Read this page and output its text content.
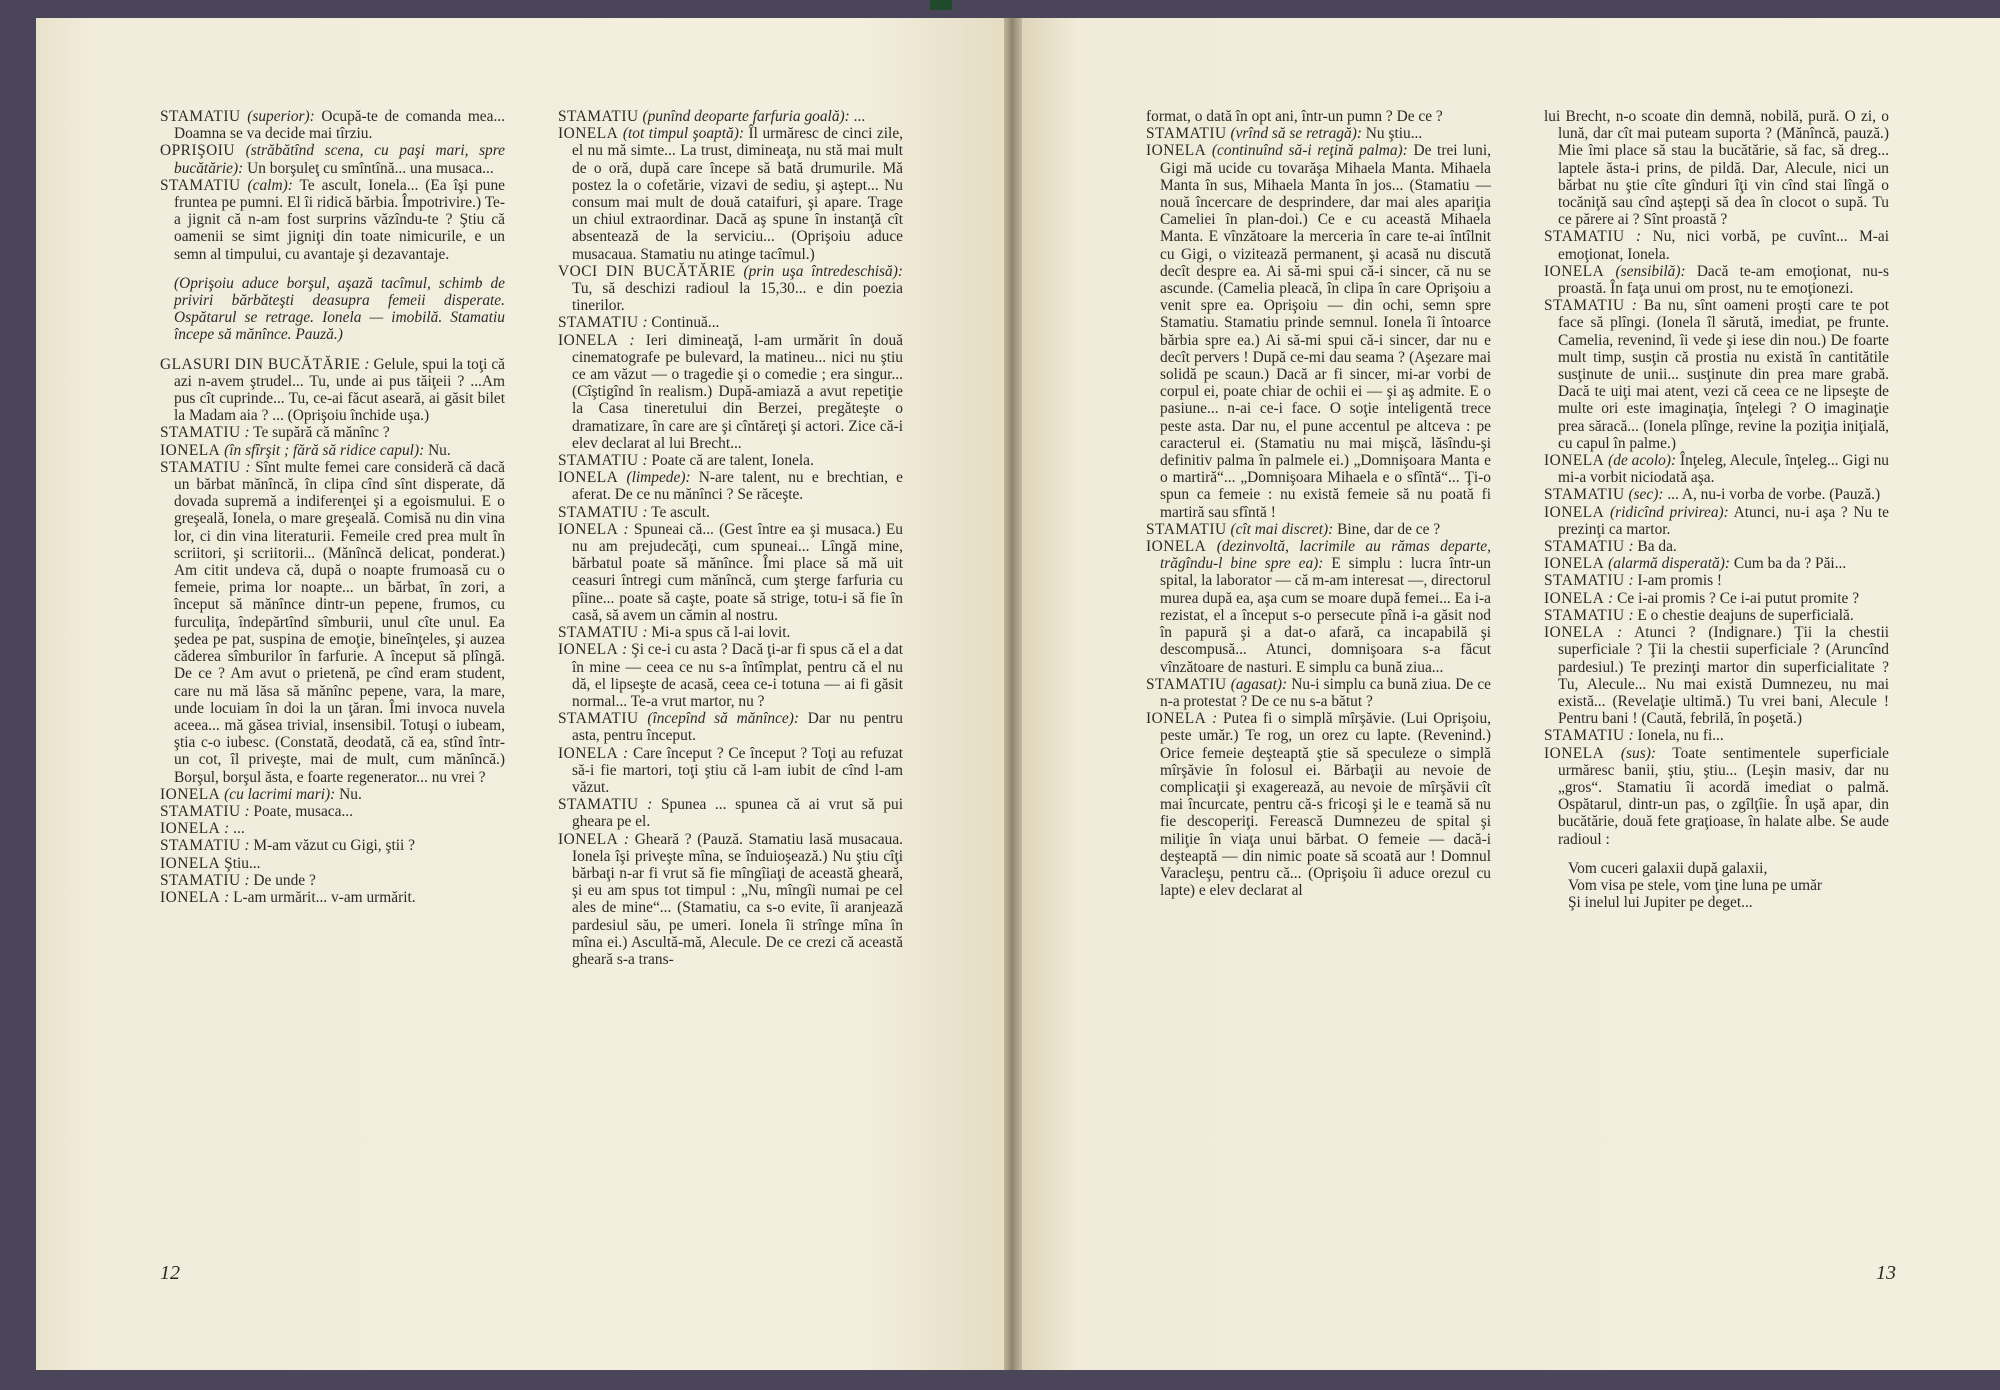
STAMATIU (superior): Ocupă-te de comanda mea... Doamna se va decide mai tîrziu.

OPRIŞOIU (străbătînd scena, cu paşi mari, spre bucătărie): Un borşuleţ cu smîntînă... una musaca...

STAMATIU (calm): Te ascult, Ionela... (Ea îşi pune fruntea pe pumni. El îi ridică bărbia. Împotrivire.) Te-a jignit că n-am fost surprins văzîndu-te ? Ştiu că oamenii se simt jigniţi din toate nimicurile, e un semn al timpului, cu avantaje şi dezavantaje.

(Oprişoiu aduce borşul, aşază tacîmul, schimb de priviri bărbăteşti deasupra femeii disperate. Ospătarul se retrage. Ionela — imobilă. Stamatiu începe să mănînce. Pauză.)

GLASURI DIN BUCĂTĂRIE : Gelule, spui la toţi că azi n-avem ştrudel... Tu, unde ai pus tăiţeii ? ...Am pus cît cuprinde... Tu, ce-ai făcut aseară, ai găsit bilet la Madam aia ? ... (Oprişoiu închide uşa.)

STAMATIU : Te supără că mănînc ?

IONELA (în sfîrşit ; fără să ridice capul): Nu.

STAMATIU : Sînt multe femei care consideră că dacă un bărbat mănîncă, în clipa cînd sînt disperate, dă dovada supremă a indiferenţei şi a egoismului. E o greşeală, Ionela, o mare greşeală. Comisă nu din vina lor, ci din vina literaturii. Femeile cred prea mult în scriitori, şi scriitorii... (Mănîncă delicat, ponderat.) Am citit undeva că, după o noapte frumoasă cu o femeie, prima lor noapte... un bărbat, în zori, a început să mănînce dintr-un pepene, frumos, cu furculiţa, îndepărtînd sîmburii, unul cîte unul. Ea şedea pe pat, suspina de emoţie, bineînţeles, şi auzea căderea sîmburilor în farfurie. A început să plîngă. De ce ? Am avut o prietenă, pe cînd eram student, care nu mă lăsa să mănînc pepene, vara, la mare, unde locuiam în doi la un ţăran. Îmi invoca nuvela aceea... mă găsea trivial, insensibil. Totuşi o iubeam, ştia c-o iubesc. (Constată, deodată, că ea, stînd într-un cot, îl priveşte, mai de mult, cum mănîncă.) Borşul, borşul ăsta, e foarte regenerator... nu vrei ?

IONELA (cu lacrimi mari): Nu.

STAMATIU : Poate, musaca...

IONELA : ...

STAMATIU : M-am văzut cu Gigi, ştii ?

IONELA Ştiu...

STAMATIU : De unde ?

IONELA : L-am urmărit... v-am urmărit.

STAMATIU (punînd deoparte farfuria goală): ...

IONELA (tot timpul şoaptă): Îl urmăresc de cinci zile, el nu mă simte... La trust, dimineaţa, nu stă mai mult de o oră, după care începe să bată drumurile. Mă postez la o cofetărie, vizavi de sediu, şi aştept... Nu consum mai mult de două cataifuri, şi apare. Trage un chiul extraordinar. Dacă aş spune în instanţă cît absentează de la serviciu... (Oprişoiu aduce musacaua. Stamatiu nu atinge tacîmul.)

VOCI DIN BUCĂTĂRIE (prin uşa întredeschisă): Tu, să deschizi radioul la 15,30... e din poezia tinerilor.

STAMATIU : Continuă...

IONELA : Ieri dimineaţă, l-am urmărit în două cinematografe pe bulevard, la matineu... nici nu ştiu ce am văzut — o tragedie şi o comedie ; era singur... (Cîştigînd în realism.) După-amiază a avut repetiţie la Casa tineretului din Berzei, pregăteşte o dramatizare, în care are şi cîntăreţi şi actori. Zice că-i elev declarat al lui Brecht...

STAMATIU : Poate că are talent, Ionela.

IONELA (limpede): N-are talent, nu e brechtian, e aferat. De ce nu mănînci ? Se răceşte.

STAMATIU : Te ascult.

IONELA : Spuneai că... (Gest între ea şi musaca.) Eu nu am prejudecăţi, cum spuneai... Lîngă mine, bărbatul poate să mănînce. Îmi place să mă uit ceasuri întregi cum mănîncă, cum şterge farfuria cu pîine... poate să caşte, poate să strige, totu-i să fie în casă, să avem un cămin al nostru.

STAMATIU : Mi-a spus că l-ai lovit.

IONELA : Şi ce-i cu asta ? Dacă ţi-ar fi spus că el a dat în mine — ceea ce nu s-a întîmplat, pentru că el nu dă, el lipseşte de acasă, ceea ce-i totuna — ai fi găsit normal... Te-a vrut martor, nu ?

STAMATIU (începînd să mănînce): Dar nu pentru asta, pentru început.

IONELA : Care început ? Ce început ? Toţi au refuzat să-i fie martori, toţi ştiu că l-am iubit de cînd l-am văzut.

STAMATIU : Spunea ... spunea că ai vrut să pui gheara pe el.

IONELA : Gheară ? (Pauză. Stamatiu lasă musacaua. Ionela îşi priveşte mîna, se înduioşează.) Nu ştiu cîţi bărbaţi n-ar fi vrut să fie mîngîiaţi de această gheară, şi eu am spus tot timpul : „Nu, mîngîi numai pe cel ales de mine“... (Stamatiu, ca s-o evite, îi aranjează pardesiul său, pe umeri. Ionela îi strînge mîna în mîna ei.) Ascultă-mă, Alecule. De ce crezi că această gheară s-a trans-

format, o dată în opt ani, într-un pumn ? De ce ?

STAMATIU (vrînd să se retragă): Nu ştiu...

IONELA (continuînd să-i reţină palma): De trei luni, Gigi mă ucide cu tovarăşa Mihaela Manta. Mihaela Manta în sus, Mihaela Manta în jos... (Stamatiu — nouă încercare de desprindere, dar mai ales apariţia Cameliei în plan-doi.) Ce e cu această Mihaela Manta. E vînzătoare la merceria în care te-ai întîlnit cu Gigi, o vizitează permanent, şi acasă nu discută decît despre ea. Ai să-mi spui că-i sincer, că nu se ascunde. (Camelia pleacă, în clipa în care Oprişoiu a venit spre ea. Oprişoiu — din ochi, semn spre Stamatiu. Stamatiu prinde semnul. Ionela îi întoarce bărbia spre ea.) Ai să-mi spui că-i sincer, dar nu e decît pervers ! După ce-mi dau seama ? (Aşezare mai solidă pe scaun.) Dacă ar fi sincer, mi-ar vorbi de corpul ei, poate chiar de ochii ei — şi aş admite. E o pasiune... n-ai ce-i face. O soţie inteligentă trece peste asta. Dar nu, el pune accentul pe altceva : pe caracterul ei. (Stamatiu nu mai mişcă, lăsîndu-şi definitiv palma în palmele ei.) „Domnişoara Manta e o martiră“... „Domnişoara Mihaela e o sfîntă“... Ţi-o spun ca femeie : nu există femeie să nu poată fi martiră sau sfîntă !

STAMATIU (cît mai discret): Bine, dar de ce ?

IONELA (dezinvoltă, lacrimile au rămas departe, trăgîndu-l bine spre ea): E simplu : lucra într-un spital, la laborator — că m-am interesat —, directorul murea după ea, aşa cum se moare după femei... Ea i-a rezistat, el a început s-o persecute pînă i-a găsit nod în papură şi a dat-o afară, ca incapabilă şi descompusă... Atunci, domnişoara s-a făcut vînzătoare de nasturi. E simplu ca bună ziua...

STAMATIU (agasat): Nu-i simplu ca bună ziua. De ce n-a protestat ? De ce nu s-a bătut ?

IONELA : Putea fi o simplă mîrşăvie. (Lui Oprişoiu, peste umăr.) Te rog, un orez cu lapte. (Revenind.) Orice femeie deşteaptă ştie să speculeze o simplă mîrşăvie în folosul ei. Bărbaţii au nevoie de complicaţii şi exagerează, au nevoie de mîrşăvii cît mai încurcate, pentru că-s fricoşi şi le e teamă să nu fie descoperiţi. Ferească Dumnezeu de spital şi miliţie în viaţa unui bărbat. O femeie — dacă-i deşteaptă — din nimic poate să scoată aur ! Domnul Varacleşu, pentru că... (Oprişoiu îi aduce orezul cu lapte) e elev declarat al

lui Brecht, n-o scoate din demnă, nobilă, pură. O zi, o lună, dar cît mai puteam suporta ? (Mănîncă, pauză.) Mie îmi place să stau la bucătărie, să fac, să dreg... laptele ăsta-i prins, de pildă. Dar, Alecule, nici un bărbat nu ştie cîte gînduri îţi vin cînd stai lîngă o tocăniţă sau cînd aştepţi să dea în clocot o supă. Tu ce părere ai ? Sînt proastă ?

STAMATIU : Nu, nici vorbă, pe cuvînt... M-ai emoţionat, Ionela.

IONELA (sensibilă): Dacă te-am emoţionat, nu-s proastă. În faţa unui om prost, nu te emoţionezi.

STAMATIU : Ba nu, sînt oameni proşti care te pot face să plîngi. (Ionela îl sărută, imediat, pe frunte. Camelia, revenind, îi vede şi iese din nou.) De foarte mult timp, susţin că prostia nu există în cantitătile susţinute de unii... susţinute din prea mare grabă. Dacă te uiţi mai atent, vezi că ceea ce ne lipseşte de multe ori este imaginaţia, înţelegi ? O imaginaţie prea săracă... (Ionela plînge, revine la poziţia iniţială, cu capul în palme.)

IONELA (de acolo): Înţeleg, Alecule, înţeleg... Gigi nu mi-a vorbit niciodată aşa.

STAMATIU (sec): ... A, nu-i vorba de vorbe. (Pauză.)

IONELA (ridicînd privirea): Atunci, nu-i aşa ? Nu te prezinţi ca martor.

STAMATIU : Ba da.

IONELA (alarmă disperată): Cum ba da ? Păi...

STAMATIU : I-am promis !

IONELA : Ce i-ai promis ? Ce i-ai putut promite ?

STAMATIU : E o chestie deajuns de superficială.

IONELA : Atunci ? (Indignare.) Ţii la chestii superficiale ? Ţii la chestii superficiale ? (Aruncînd pardesiul.) Te prezinţi martor din superficialitate ? Tu, Alecule... Nu mai există Dumnezeu, nu mai există... (Revelaţie ultimă.) Tu vrei bani, Alecule ! Pentru bani ! (Caută, febrilă, în poşetă.)

STAMATIU : Ionela, nu fi...

IONELA (sus): Toate sentimentele superficiale urmăresc banii, ştiu, ştiu... (Leşin masiv, dar nu „gros“. Stamatiu îi acordă imediat o palmă. Ospătarul, dintr-un pas, o zgîlţîie. În uşă apar, din bucătărie, două fete graţioase, în halate albe. Se aude radioul :

Vom cuceri galaxii după galaxii,

Vom visa pe stele, vom ţine luna pe umăr

Şi inelul lui Jupiter pe deget...

12	13
